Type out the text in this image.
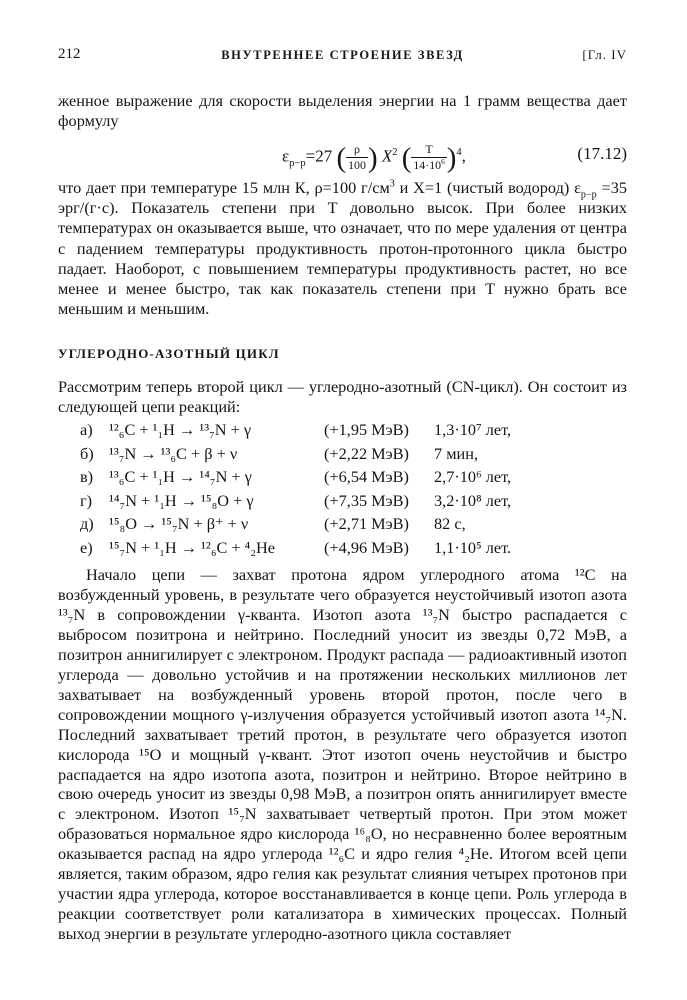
212	ВНУТРЕННЕЕ СТРОЕНИЕ ЗВЕЗД	[Гл. IV
женное выражение для скорости выделения энергии на 1 грамм вещества дает формулу
$\varepsilon_{p-p}=27$ ( $\frac{\rho}{100}$ ) $X^2$ ( $\frac{T}{14\cdot 10^6} )^4$,	(17.12)
что дает при температуре 15 млн К, ρ=100 $г/см^3$ и X=1 (чистый водород) $\varepsilon_{p-p} =35$ эрг/(г·с). Показатель степени при T довольно высок. При более низких температурах он оказывается выше, что означает, что по мере удаления от центра с падением температуры продуктивность протон-протонного цикла быстро падает. Наоборот, с повышением температуры продуктивность растет, но все менее и менее быстро, так как показатель степени при T нужно брать все меньшим и меньшим.
УГЛЕРОДНО-АЗОТНЫЙ ЦИКЛ
Рассмотрим теперь второй цикл — углеродно-азотный (CN-цикл). Он состоит из следующей цепи реакций:
а) ¹²₆C + ¹₁H → ¹³₇N + γ	(+1,95 МэВ) 1,3·10⁷ лет,
б) ¹³₇N → ¹³₆C + β + ν	(+2,22 МэВ) 7 мин,
в) ¹³₆C + ¹₁H → ¹⁴₇N + γ	(+6,54 МэВ) 2,7·10⁶ лет,
г) ¹⁴₇N + ¹₁H → ¹⁵₈O + γ	(+7,35 МэВ) 3,2·10⁸ лет,
д) ¹⁵₈O → ¹⁵₇N + β⁺ + ν	(+2,71 МэВ) 82 с,
е) ¹⁵₇N + ¹₁H → ¹²₆C + ⁴₂He	(+4,96 МэВ) 1,1·10⁵ лет.
Начало цепи — захват протона ядром углеродного атома ¹²C на возбужденный уровень, в результате чего образуется неустойчивый изотоп азота ¹³₇N в сопровождении γ-кванта. Изотоп азота ¹³₇N быстро распадается с выбросом позитрона и нейтрино. Последний уносит из звезды 0,72 МэВ, а позитрон аннигилирует с электроном. Продукт распада — радиоактивный изотоп углерода — довольно устойчив и на протяжении нескольких миллионов лет захватывает на возбужденный уровень второй протон, после чего в сопровождении мощного γ-излучения образуется устойчивый изотоп азота ¹⁴₇N. Последний захватывает третий протон, в результате чего образуется изотоп кислорода ¹⁵O и мощный γ-квант. Этот изотоп очень неустойчив и быстро распадается на ядро изотопа азота, позитрон и нейтрино. Второе нейтрино в свою очередь уносит из звезды 0,98 МэВ, а позитрон опять аннигилирует вместе с электроном. Изотоп ¹⁵₇N захватывает четвертый протон. При этом может образоваться нормальное ядро кислорода ¹⁶₈O, но несравненно более вероятным оказывается распад на ядро углерода ¹²₆C и ядро гелия ⁴₂He. Итогом всей цепи является, таким образом, ядро гелия как результат слияния четырех протонов при участии ядра углерода, которое восстанавливается в конце цепи. Роль углерода в реакции соответствует роли катализатора в химических процессах. Полный выход энергии в результате углеродно-азотного цикла составляет
